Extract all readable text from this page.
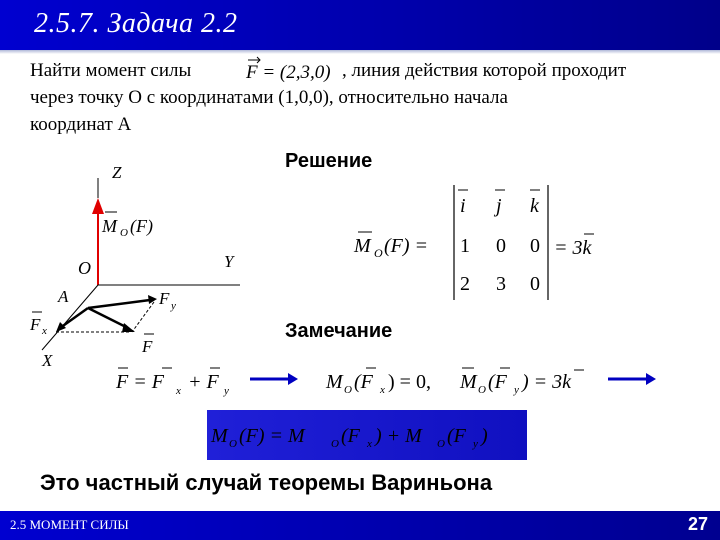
2.5.7. Задача 2.2
Найти момент силы	, линия действия которой проходит
через точку O с координатами (1,0,0), относительно начала
координат A
F = (2,3,0)
Z
Y
X
O
A
M O (F)
F x
F y
F
Решение
M O (F) =
i j k
1 0 0
2 3 0
= 3k
Замечание
F = F x + F y	M O (F x ) = 0, M O (F y ) = 3k
M O (F) = M O (F x ) + M O (F y )
Это частный случай теоремы Вариньона
2.5 МОМЕНТ СИЛЫ	27
